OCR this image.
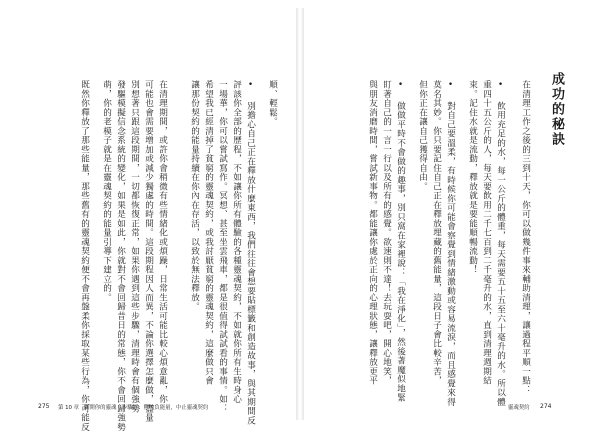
成功的秘訣
在清理工作之後的三到十天，你可以做幾件事來輔助清理，讓過程平順一點：
• 飲用充足的水，每一公斤的體重，每天需要五十五至六十毫升的水。所以體
重四十五公斤的人，每天要飲用二千七百到二千毫升的水，直到清理週期結
束。記住水就是流動，釋放就是要能順暢流動！
• 對自己要溫柔，有時候你可能會察覺到情緒激動或容易流淚，而且感覺來得
莫名其妙。你只要記住自己正在釋放埋藏的舊能量，這段日子會比較辛苦，
但你正在讓自己獲得自由。
• 做做平時不會做的趣事，別只窩在家裡說：「我在淨化」，然後著魔似地緊
盯著自己的一言一行以及所有的感覺。欲速則不達！去玩耍吧，開心地笑，
與朋友消磨時間，嘗試新事物。都能讓你處於正向的心理狀態，讓釋放更平
順、輕鬆。
• 別擔心自己正在釋放什麼東西，我們往往會想要貼標籤和創造故事，與其期間反
評該你全部的歷程，不如讓你所有體驗的各種靈魂契約，不如就你所有生時身心
一場華，你可以嘗試寫作。冥想、甚至坐雲飛車，都是很值得試試看的事情。如：
希望我已經清掉了貧窮的靈魂契約，或我討厭貧窮的靈魂契約，這麼做只會
讓那份契約的能量持續在你內在存活，以致於無法釋放。
在清理期間，或許你會稍微有些情緒化或煩躁，日常生活可能比較心煩意亂，你
可能也會需要增加或減少獨處的時間。這段期程因人而異，不論你選擇怎麼做，盡量
別想著只跟這段期間，一切都恢復正常，如果你遇到這些步驟，清理時會有個強勢
發驅模擬信念系統的變化，如果是如此，你就對不會回歸昔日的常態，你不會回歸強勢
萌，你的老模子就是在靈魂契約的能量引導下建立的。
既然你釋放了那些能量，那些舊有的靈魂契約便不會再盤柔你採取某些行為，你可能反
275 第 10 章 斷開你的靈魂 步驟五：釋放負能量，中止靈魂契約	靈魂契約 274
